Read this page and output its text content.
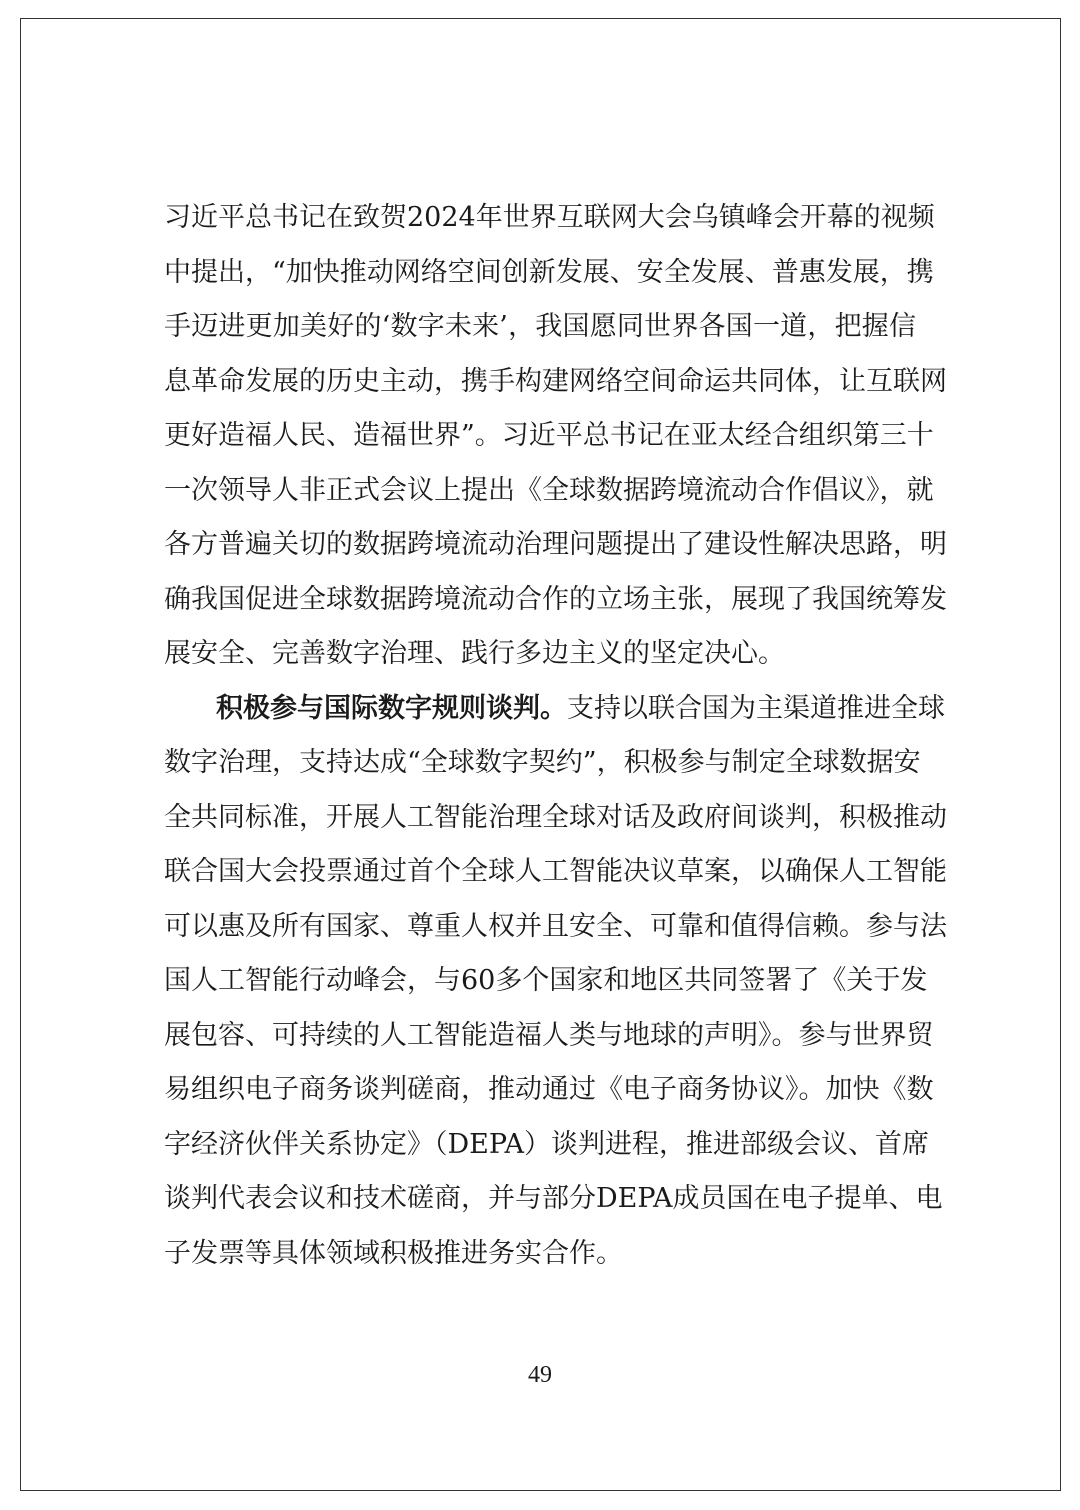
习近平总书记在致贺2024年世界互联网大会乌镇峰会开幕的视频
中提出，“加快推动网络空间创新发展、安全发展、普惠发展，携
手迈进更加美好的‘数字未来’，我国愿同世界各国一道，把握信
息革命发展的历史主动，携手构建网络空间命运共同体，让互联网
更好造福人民、造福世界”。习近平总书记在亚太经合组织第三十
一次领导人非正式会议上提出《全球数据跨境流动合作倡议》，就
各方普遍关切的数据跨境流动治理问题提出了建设性解决思路，明
确我国促进全球数据跨境流动合作的立场主张，展现了我国统筹发
展安全、完善数字治理、践行多边主义的坚定决心。
积极参与国际数字规则谈判。支持以联合国为主渠道推进全球
数字治理，支持达成“全球数字契约”，积极参与制定全球数据安
全共同标准，开展人工智能治理全球对话及政府间谈判，积极推动
联合国大会投票通过首个全球人工智能决议草案，以确保人工智能
可以惠及所有国家、尊重人权并且安全、可靠和值得信赖。参与法
国人工智能行动峰会，与60多个国家和地区共同签署了《关于发
展包容、可持续的人工智能造福人类与地球的声明》。参与世界贸
易组织电子商务谈判磋商，推动通过《电子商务协议》。加快《数
字经济伙伴关系协定》（DEPA）谈判进程，推进部级会议、首席
谈判代表会议和技术磋商，并与部分DEPA成员国在电子提单、电
子发票等具体领域积极推进务实合作。
49
